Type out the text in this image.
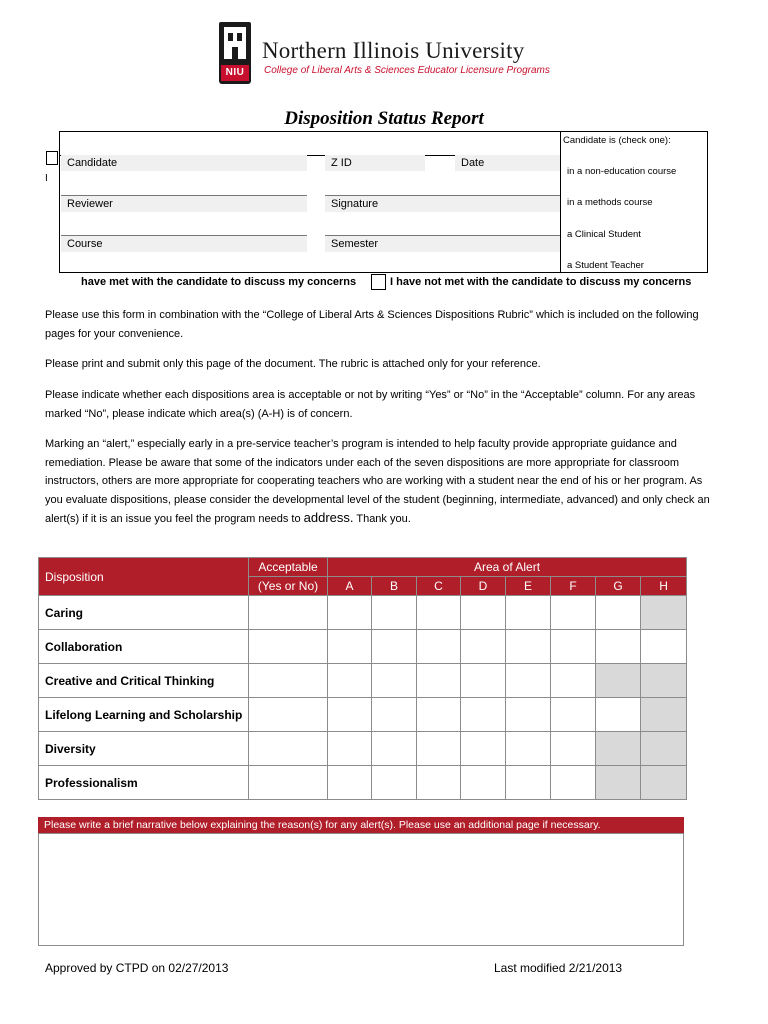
NIU
Northern Illinois University
College of Liberal Arts & Sciences Educator Licensure Programs
Disposition Status Report
I
Candidate	Z ID	Date
Reviewer	Signature
Course	Semester
Candidate is (check one):
in a non-education course
in a methods course
a Clinical Student
a Student Teacher
have met with the candidate to discuss my concerns	I have not met with the candidate to discuss my concerns
Please use this form in combination with the “College of Liberal Arts & Sciences Dispositions Rubric” which is included on the following pages for your convenience.
Please print and submit only this page of the document. The rubric is attached only for your reference.
Please indicate whether each dispositions area is acceptable or not by writing “Yes” or “No” in the “Acceptable” column. For any areas marked “No”, please indicate which area(s) (A-H) is of concern.
Marking an “alert,” especially early in a pre-service teacher’s program is intended to help faculty provide appropriate guidance and remediation. Please be aware that some of the indicators under each of the seven dispositions are more appropriate for classroom instructors, others are more appropriate for cooperating teachers who are working with a student near the end of his or her program. As you evaluate dispositions, please consider the developmental level of the student (beginning, intermediate, advanced) and only check an alert(s) if it is an issue you feel the program needs to address. Thank you.
Disposition	Acceptable	Area of Alert							
	(Yes or No)	A	B	C	D	E	F	G	H
Caring									
Collaboration									
Creative and Critical Thinking									
Lifelong Learning and Scholarship									
Diversity									
Professionalism									
Please write a brief narrative below explaining the reason(s) for any alert(s). Please use an additional page if necessary.
Approved by CTPD on 02/27/2013	Last modified 2/21/2013
